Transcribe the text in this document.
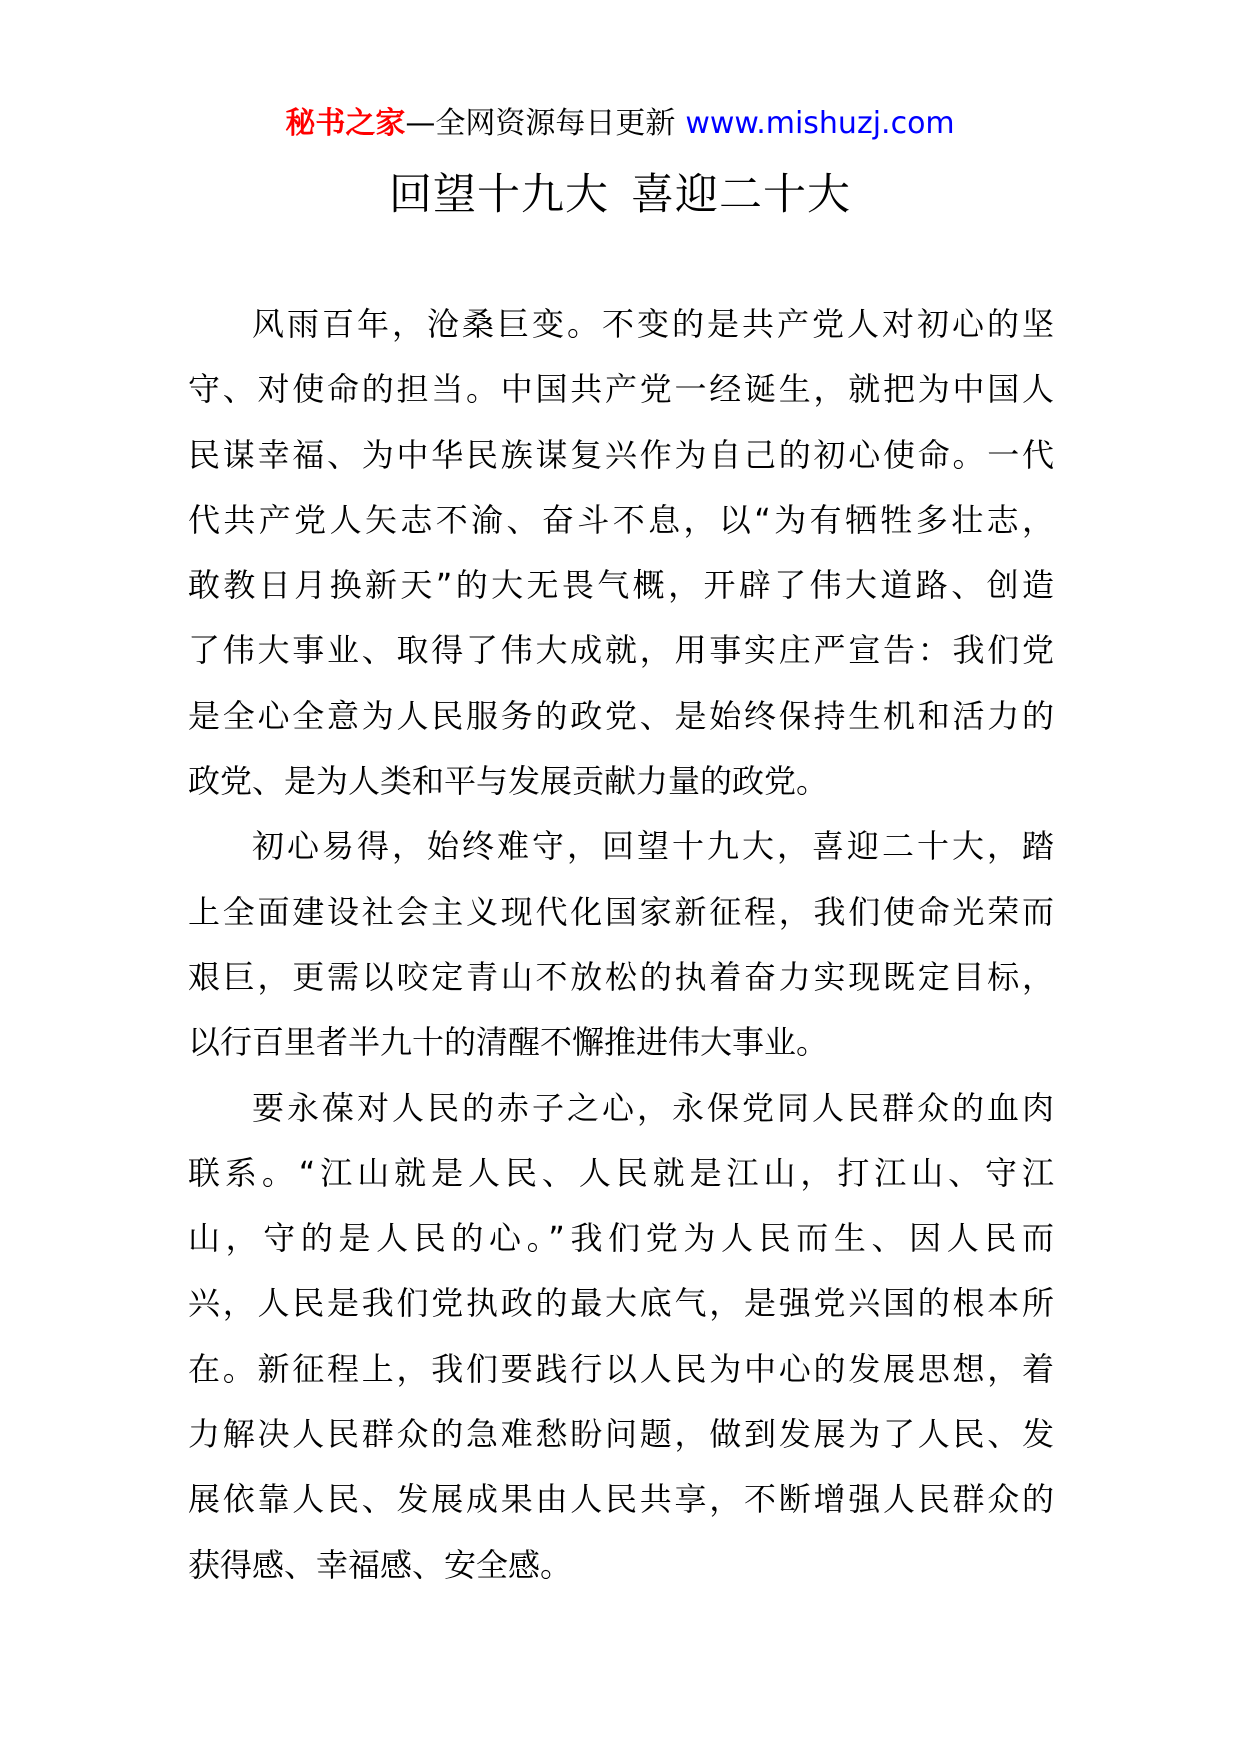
秘书之家—全网资源每日更新 www.mishuzj.com
回望十九大 喜迎二十大
风雨百年，沧桑巨变。不变的是共产党人对初心的坚
守、对使命的担当。中国共产党一经诞生，就把为中国人
民谋幸福、为中华民族谋复兴作为自己的初心使命。一代
代共产党人矢志不渝、奋斗不息，以“为有牺牲多壮志，
敢教日月换新天”的大无畏气概，开辟了伟大道路、创造
了伟大事业、取得了伟大成就，用事实庄严宣告：我们党
是全心全意为人民服务的政党、是始终保持生机和活力的
政党、是为人类和平与发展贡献力量的政党。
初心易得，始终难守，回望十九大，喜迎二十大，踏
上全面建设社会主义现代化国家新征程，我们使命光荣而
艰巨，更需以咬定青山不放松的执着奋力实现既定目标，
以行百里者半九十的清醒不懈推进伟大事业。
要永葆对人民的赤子之心，永保党同人民群众的血肉
联系。“江山就是人民、人民就是江山，打江山、守江
山，守的是人民的心。”我们党为人民而生、因人民而
兴，人民是我们党执政的最大底气，是强党兴国的根本所
在。新征程上，我们要践行以人民为中心的发展思想，着
力解决人民群众的急难愁盼问题，做到发展为了人民、发
展依靠人民、发展成果由人民共享，不断增强人民群众的
获得感、幸福感、安全感。
